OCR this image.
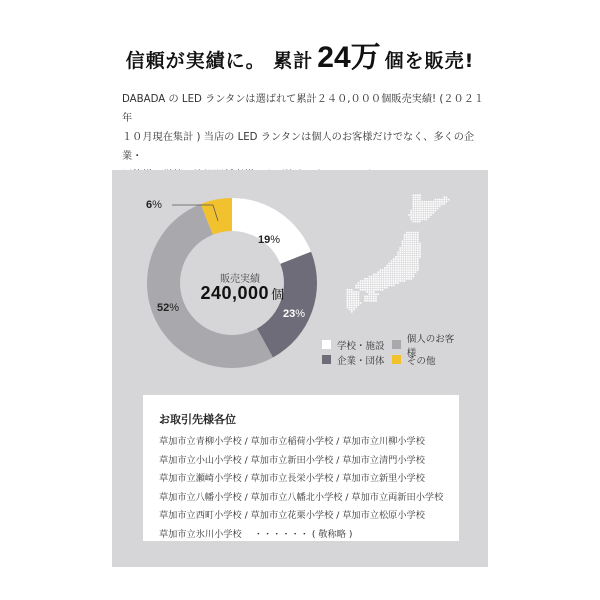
信頼が実績に。 累計 24万 個を販売!
DABADA の LED ランタンは選ばれて累計２４０,０００個販売実績! (２０２１年
１０月現在集計 ) 当店の LED ランタンは個人のお客様だけでなく、多くの企業・
販売実績
240,000 個
19%
23%
52%
6%
学校・施設
個人のお客様
企業・団体 その他
お取引先様各位
草加市立青柳小学校 / 草加市立稲荷小学校 / 草加市立川柳小学校
草加市立小山小学校 / 草加市立新田小学校 / 草加市立清門小学校
草加市立瀬崎小学校 / 草加市立長栄小学校 / 草加市立新里小学校
草加市立八幡小学校 / 草加市立八幡北小学校 / 草加市立両新田小学校
草加市立西町小学校 / 草加市立花栗小学校 / 草加市立松原小学校
草加市立氷川小学校　 ・・・・・・ ( 敬称略 )
